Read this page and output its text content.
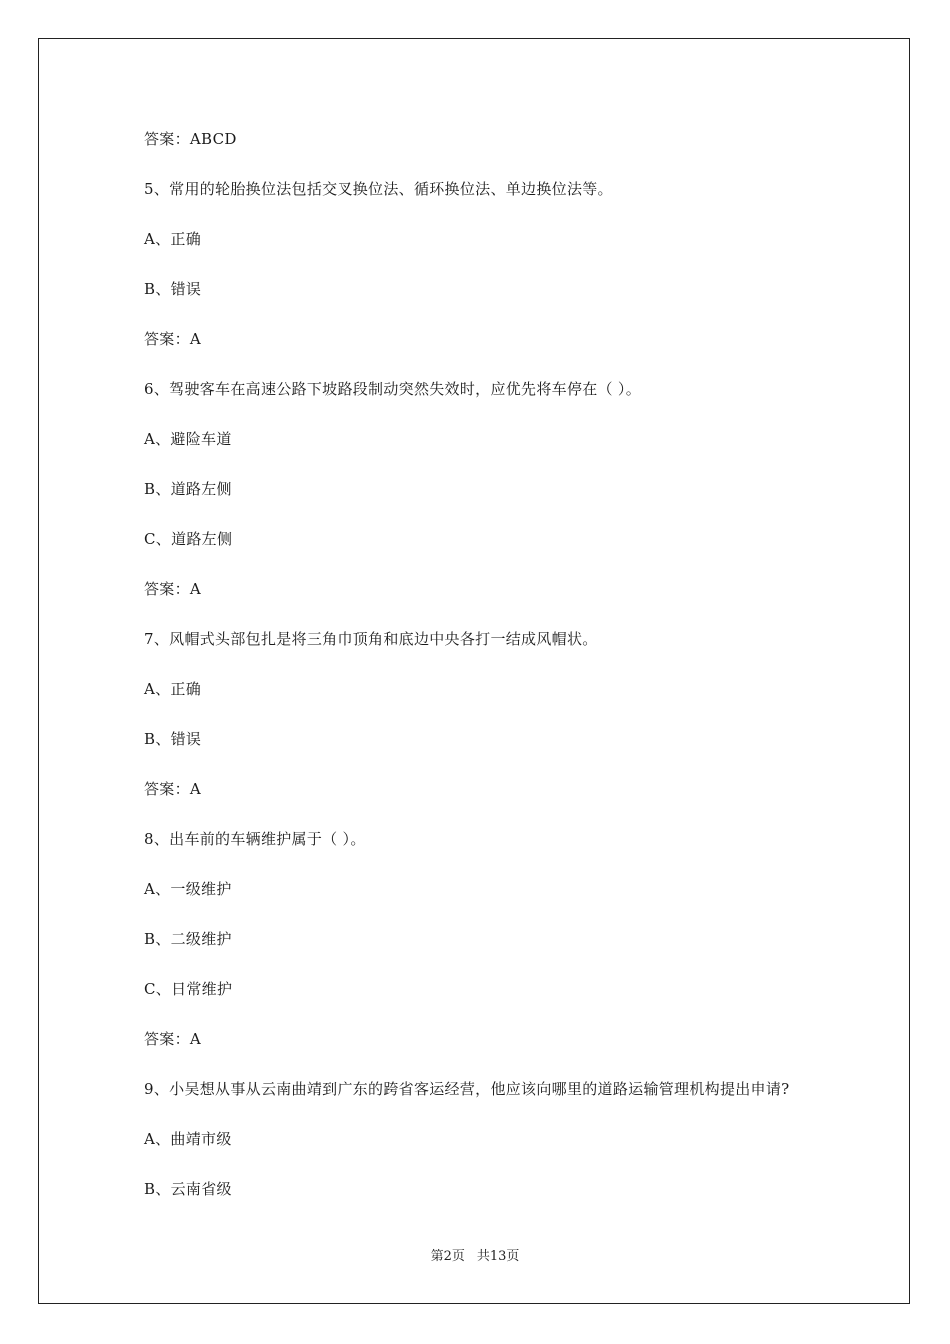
答案：ABCD
5、常用的轮胎换位法包括交叉换位法、循环换位法、单边换位法等。
A、正确
B、错误
答案：A
6、驾驶客车在高速公路下坡路段制动突然失效时，应优先将车停在（ ）。
A、避险车道
B、道路左侧
C、道路左侧
答案：A
7、风帽式头部包扎是将三角巾顶角和底边中央各打一结成风帽状。
A、正确
B、错误
答案：A
8、出车前的车辆维护属于（ ）。
A、一级维护
B、二级维护
C、日常维护
答案：A
9、小吴想从事从云南曲靖到广东的跨省客运经营，他应该向哪里的道路运输管理机构提出申请?
A、曲靖市级
B、云南省级
第2页 共13页
